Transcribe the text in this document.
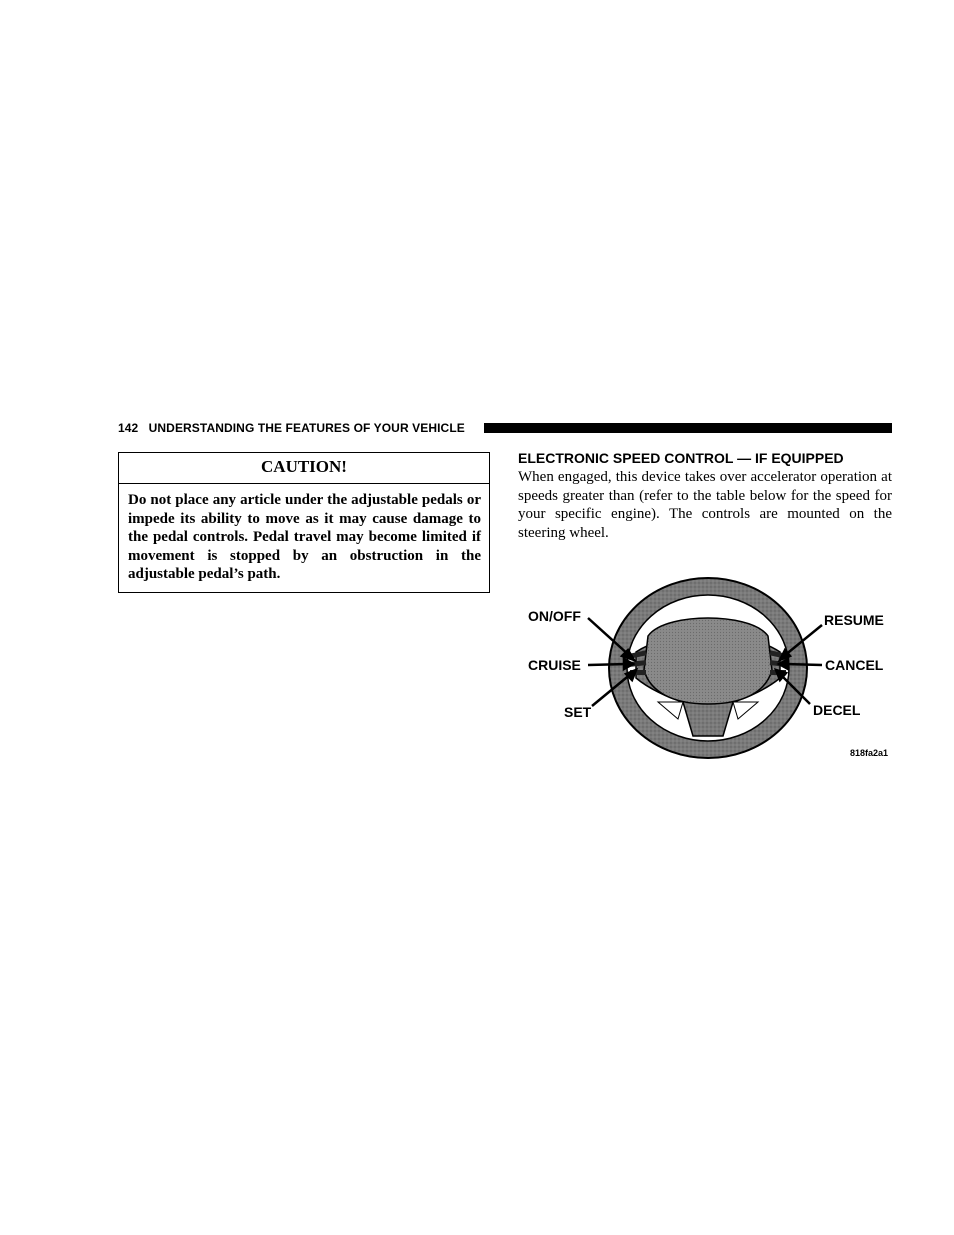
142 UNDERSTANDING THE FEATURES OF YOUR VEHICLE
CAUTION!
Do not place any article under the adjustable pedals or impede its ability to move as it may cause damage to the pedal controls. Pedal travel may become limited if movement is stopped by an obstruction in the adjustable pedal’s path.
ELECTRONIC SPEED CONTROL — IF EQUIPPED

When engaged, this device takes over accelerator operation at speeds greater than (refer to the table below for the speed for your specific engine). The controls are mounted on the steering wheel.

ON/OFF
CRUISE
SET
RESUME
CANCEL
DECEL
818fa2a1
